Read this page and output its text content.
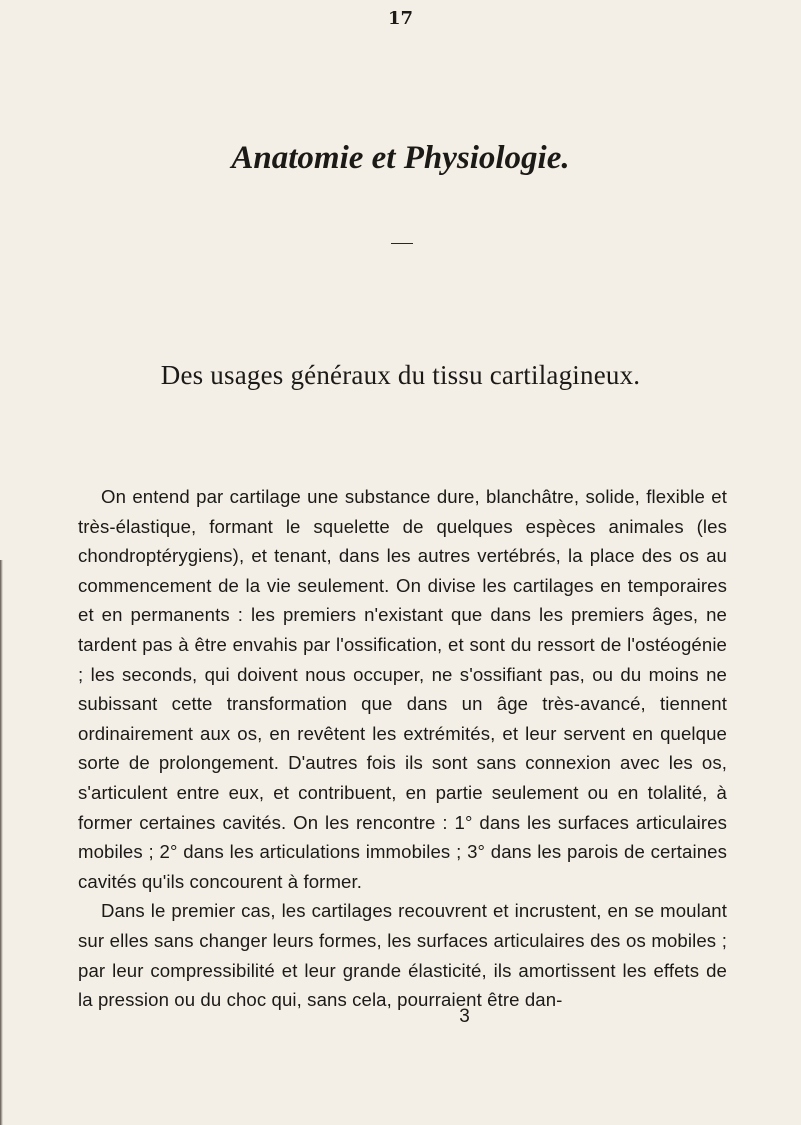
17
Anatomie et Physiologie.
Des usages généraux du tissu cartilagineux.

On entend par cartilage une substance dure, blanchâtre, solide, flexible et très-élastique, formant le squelette de quelques espèces animales (les chondroptérygiens), et tenant, dans les autres vertébrés, la place des os au commencement de la vie seulement. On divise les cartilages en temporaires et en permanents : les premiers n'existant que dans les premiers âges, ne tardent pas à être envahis par l'ossification, et sont du ressort de l'ostéogénie ; les seconds, qui doivent nous occuper, ne s'ossifiant pas, ou du moins ne subissant cette transformation que dans un âge très-avancé, tiennent ordinairement aux os, en revêtent les extrémités, et leur servent en quelque sorte de prolongement. D'autres fois ils sont sans connexion avec les os, s'articulent entre eux, et contribuent, en partie seulement ou en tolalité, à former certaines cavités. On les rencontre : 1° dans les surfaces articulaires mobiles ; 2° dans les articulations immobiles ; 3° dans les parois de certaines cavités qu'ils concourent à former.

Dans le premier cas, les cartilages recouvrent et incrustent, en se moulant sur elles sans changer leurs formes, les surfaces articulaires des os mobiles ; par leur compressibilité et leur grande élasticité, ils amortissent les effets de la pression ou du choc qui, sans cela, pourraient être dan-

3
